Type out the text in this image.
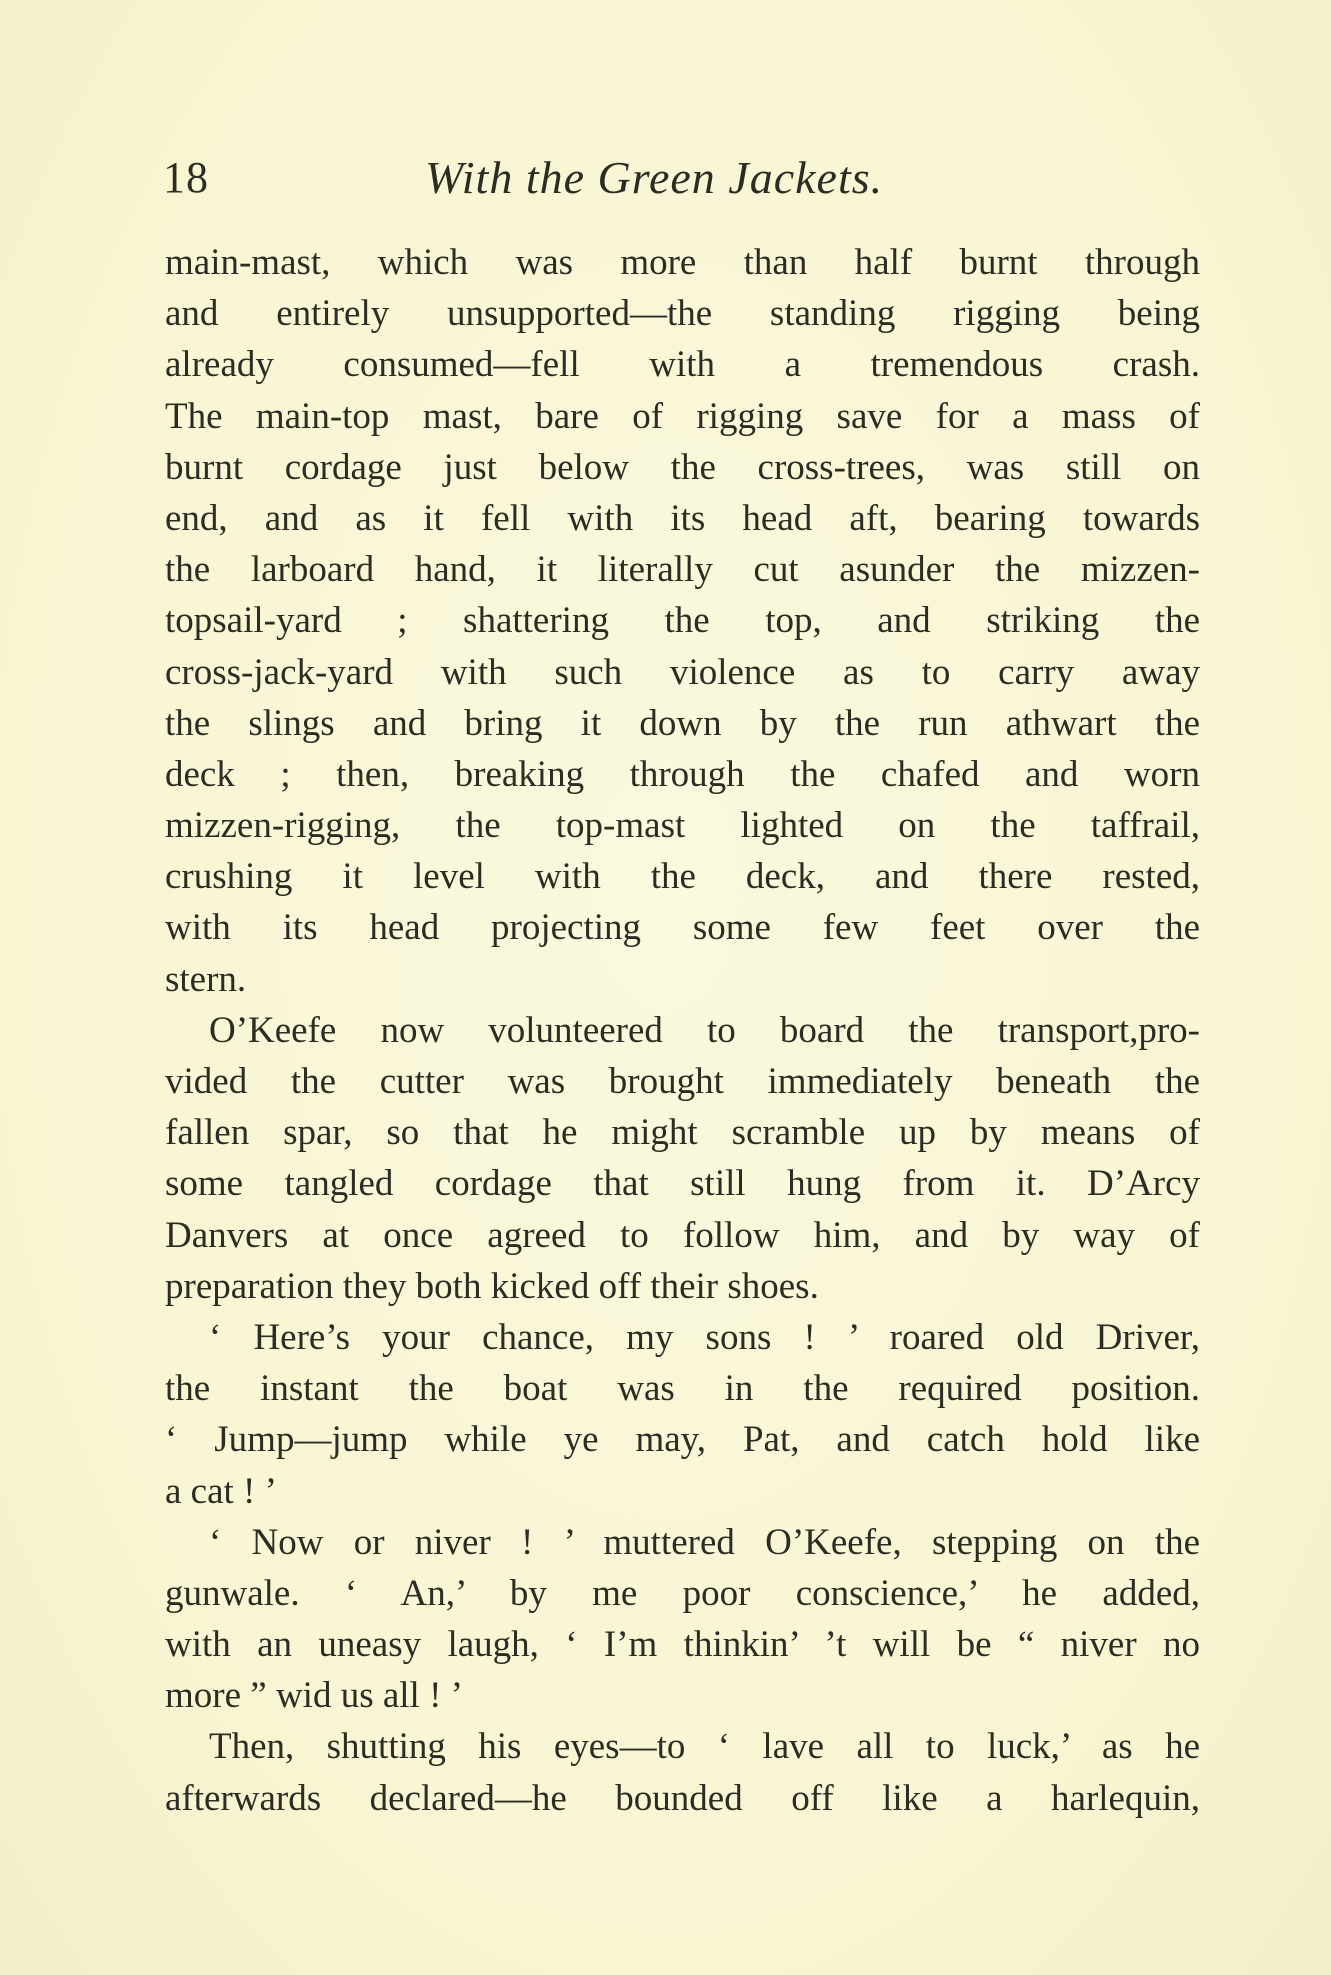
18	With the Green Jackets.
main-mast, which was more than half burnt through
and entirely unsupported—the standing rigging being
already consumed—fell with a tremendous crash.
The main-top mast, bare of rigging save for a mass of
burnt cordage just below the cross-trees, was still on
end, and as it fell with its head aft, bearing towards
the larboard hand, it literally cut asunder the mizzen-
topsail-yard ; shattering the top, and striking the
cross-jack-yard with such violence as to carry away
the slings and bring it down by the run athwart the
deck ; then, breaking through the chafed and worn
mizzen-rigging, the top-mast lighted on the taffrail,
crushing it level with the deck, and there rested,
with its head projecting some few feet over the
stern.
O’Keefe now volunteered to board the transport,pro-
vided the cutter was brought immediately beneath the
fallen spar, so that he might scramble up by means of
some tangled cordage that still hung from it. D’Arcy
Danvers at once agreed to follow him, and by way of
preparation they both kicked off their shoes.
‘ Here’s your chance, my sons ! ’ roared old Driver,
the instant the boat was in the required position.
‘ Jump—jump while ye may, Pat, and catch hold like
a cat ! ’
‘ Now or niver ! ’ muttered O’Keefe, stepping on the
gunwale. ‘ An,’ by me poor conscience,’ he added,
with an uneasy laugh, ‘ I’m thinkin’ ’t will be “ niver no
more ” wid us all ! ’
Then, shutting his eyes—to ‘ lave all to luck,’ as he
afterwards declared—he bounded off like a harlequin,
